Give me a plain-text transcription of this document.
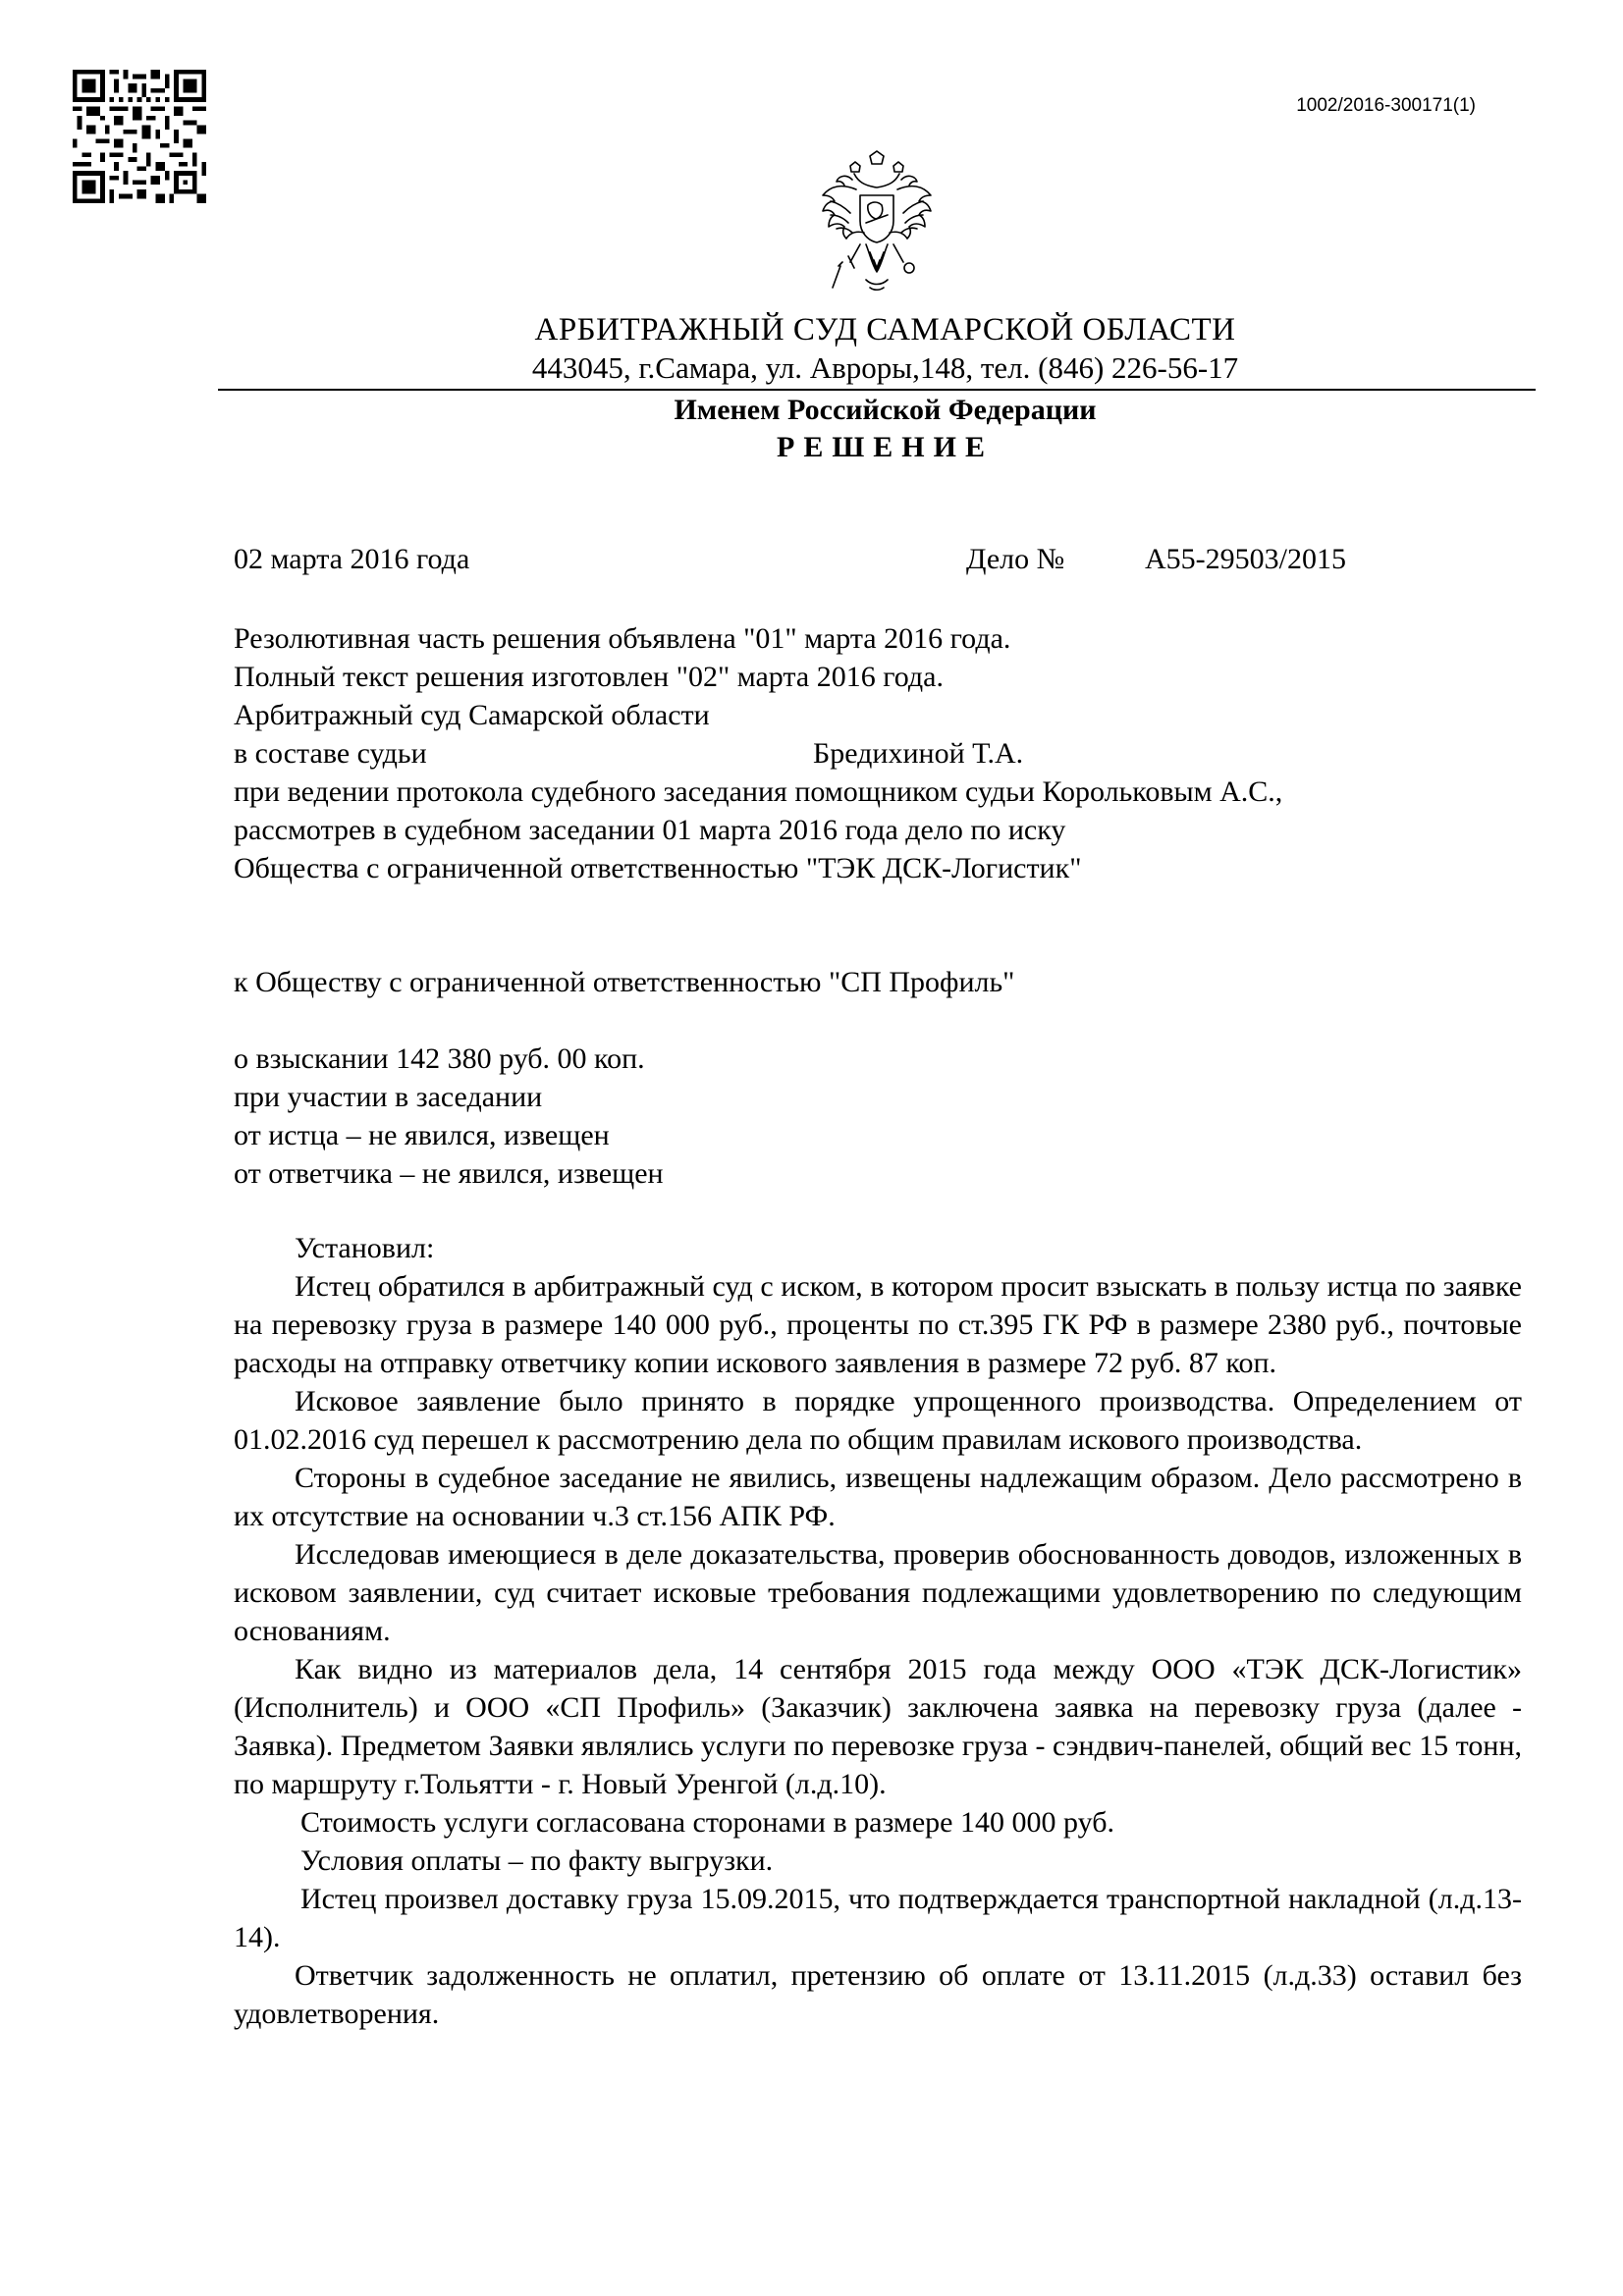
1002/2016-300171(1)
АРБИТРАЖНЫЙ СУД САМАРСКОЙ ОБЛАСТИ
443045, г.Самара, ул. Авроры,148, тел. (846) 226-56-17
Именем Российской Федерации
РЕШЕНИЕ
02 марта 2016 года	Дело №	А55-29503/2015
Резолютивная часть решения объявлена "01" марта 2016 года.
Полный текст решения изготовлен "02" марта 2016 года.
Арбитражный суд Самарской области
в составе судьи	Бредихиной Т.А.
при ведении протокола судебного заседания помощником судьи Корольковым А.С.,
рассмотрев в судебном заседании 01 марта 2016 года дело по иску
Общества с ограниченной ответственностью "ТЭК ДСК-Логистик"
к Обществу с ограниченной ответственностью "СП Профиль"
о взыскании 142 380 руб. 00 коп.
при участии в заседании
от истца – не явился, извещен
от ответчика – не явился, извещен

Установил:

Истец обратился в арбитражный суд с иском, в котором просит взыскать в пользу истца по заявке на перевозку груза в размере 140 000 руб., проценты по ст.395 ГК РФ в размере 2380 руб., почтовые расходы на отправку ответчику копии искового заявления в размере 72 руб. 87 коп.

Исковое заявление было принято в порядке упрощенного производства. Определением от 01.02.2016 суд перешел к рассмотрению дела по общим правилам искового производства.

Стороны в судебное заседание не явились, извещены надлежащим образом. Дело рассмотрено в их отсутствие на основании ч.3 ст.156 АПК РФ.

Исследовав имеющиеся в деле доказательства, проверив обоснованность доводов, изложенных в исковом заявлении, суд считает исковые требования подлежащими удовлетворению по следующим основаниям.

Как видно из материалов дела, 14 сентября 2015 года между ООО «ТЭК ДСК-Логистик» (Исполнитель) и ООО «СП Профиль» (Заказчик) заключена заявка на перевозку груза (далее - Заявка). Предметом Заявки являлись услуги по перевозке груза - сэндвич-панелей, общий вес 15 тонн, по маршруту г.Тольятти - г. Новый Уренгой (л.д.10).

Стоимость услуги согласована сторонами в размере 140 000 руб.

Условия оплаты – по факту выгрузки.

Истец произвел доставку груза 15.09.2015, что подтверждается транспортной накладной (л.д.13-14).

Ответчик задолженность не оплатил, претензию об оплате от 13.11.2015 (л.д.33) оставил без удовлетворения.
